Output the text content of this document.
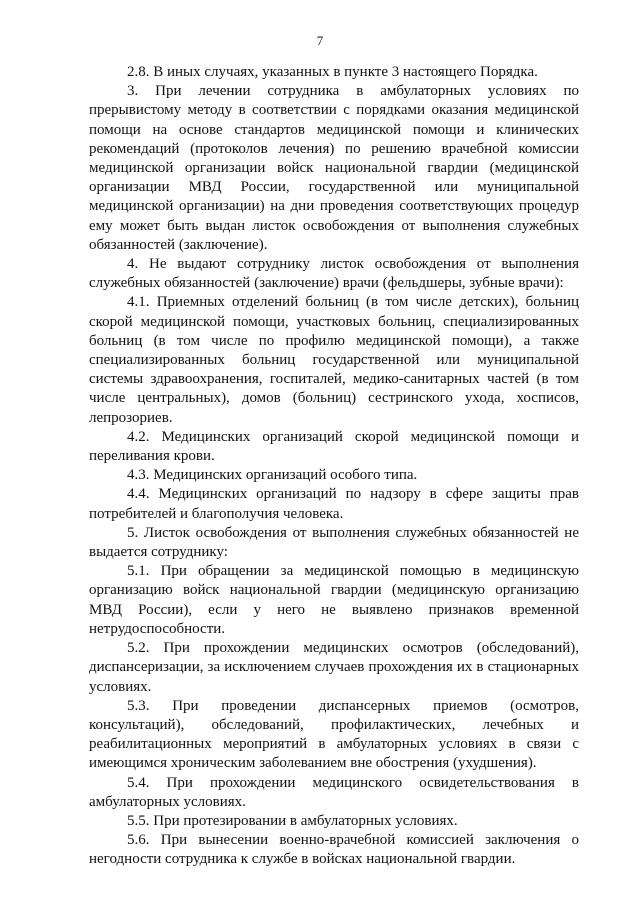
7

2.8. В иных случаях, указанных в пункте 3 настоящего Порядка.

3. При лечении сотрудника в амбулаторных условиях по прерывистому методу в соответствии с порядками оказания медицинской помощи на основе стандартов медицинской помощи и клинических рекомендаций (протоколов лечения) по решению врачебной комиссии медицинской организации войск национальной гвардии (медицинской организации МВД России, государственной или муниципальной медицинской организации) на дни проведения соответствующих процедур ему может быть выдан листок освобождения от выполнения служебных обязанностей (заключение).

4. Не выдают сотруднику листок освобождения от выполнения служебных обязанностей (заключение) врачи (фельдшеры, зубные врачи):

4.1. Приемных отделений больниц (в том числе детских), больниц скорой медицинской помощи, участковых больниц, специализированных больниц (в том числе по профилю медицинской помощи), а также специализированных больниц государственной или муниципальной системы здравоохранения, госпиталей, медико-санитарных частей (в том числе центральных), домов (больниц) сестринского ухода, хосписов, лепрозориев.

4.2. Медицинских организаций скорой медицинской помощи и переливания крови.

4.3. Медицинских организаций особого типа.

4.4. Медицинских организаций по надзору в сфере защиты прав потребителей и благополучия человека.

5. Листок освобождения от выполнения служебных обязанностей не выдается сотруднику:

5.1. При обращении за медицинской помощью в медицинскую организацию войск национальной гвардии (медицинскую организацию МВД России), если у него не выявлено признаков временной нетрудоспособности.

5.2. При прохождении медицинских осмотров (обследований), диспансеризации, за исключением случаев прохождения их в стационарных условиях.

5.3. При проведении диспансерных приемов (осмотров, консультаций), обследований, профилактических, лечебных и реабилитационных мероприятий в амбулаторных условиях в связи с имеющимся хроническим заболеванием вне обострения (ухудшения).

5.4. При прохождении медицинского освидетельствования в амбулаторных условиях.

5.5. При протезировании в амбулаторных условиях.

5.6. При вынесении военно-врачебной комиссией заключения о негодности сотрудника к службе в войсках национальной гвардии.
